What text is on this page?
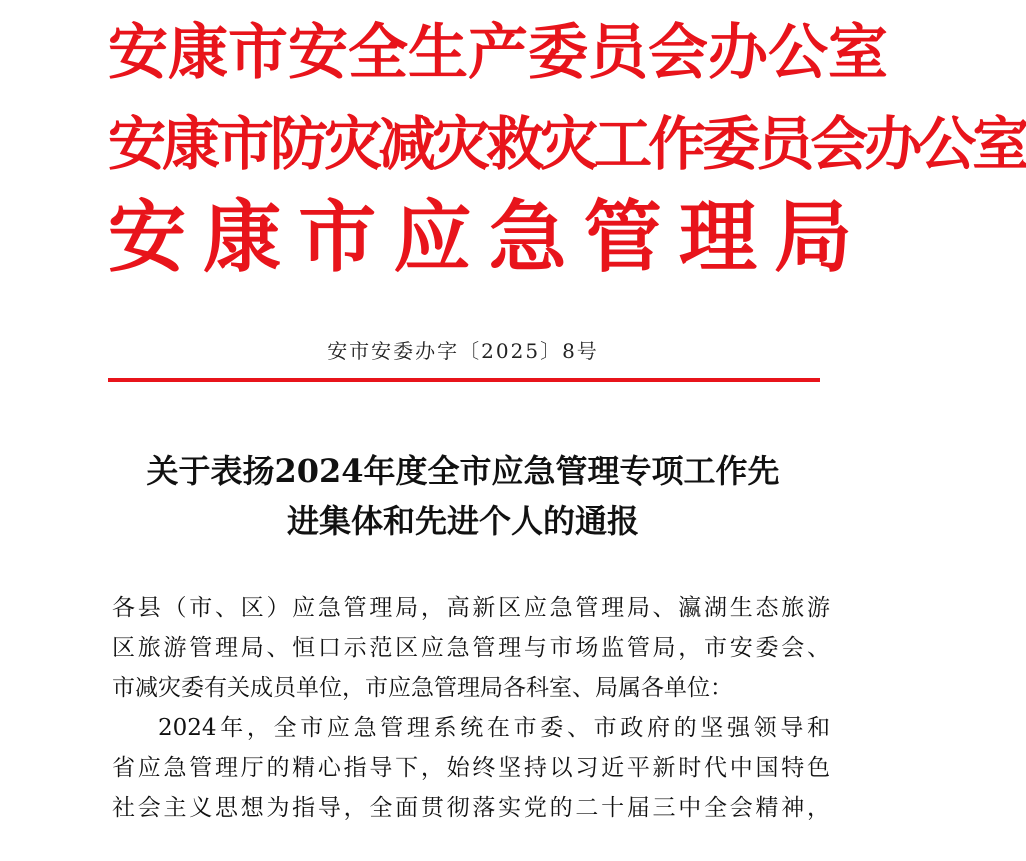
安 康 市 安 全 生 产 委 员 会 办 公 室
安 康 市 防 灾 减 灾 救 灾 工 作 委 员 会 办 公 室
安 康 市 应 急 管 理 局
安市安委办字〔2025〕8号
关于表扬2024年度全市应急管理专项工作先
进集体和先进个人的通报
各县（市、区）应急管理局，高新区应急管理局、瀛湖生态旅游
区旅游管理局、恒口示范区应急管理与市场监管局，市安委会、
市减灾委有关成员单位，市应急管理局各科室、局属各单位：
2024年，全市应急管理系统在市委、市政府的坚强领导和
省应急管理厅的精心指导下，始终坚持以习近平新时代中国特色
社会主义思想为指导，全面贯彻落实党的二十届三中全会精神，
